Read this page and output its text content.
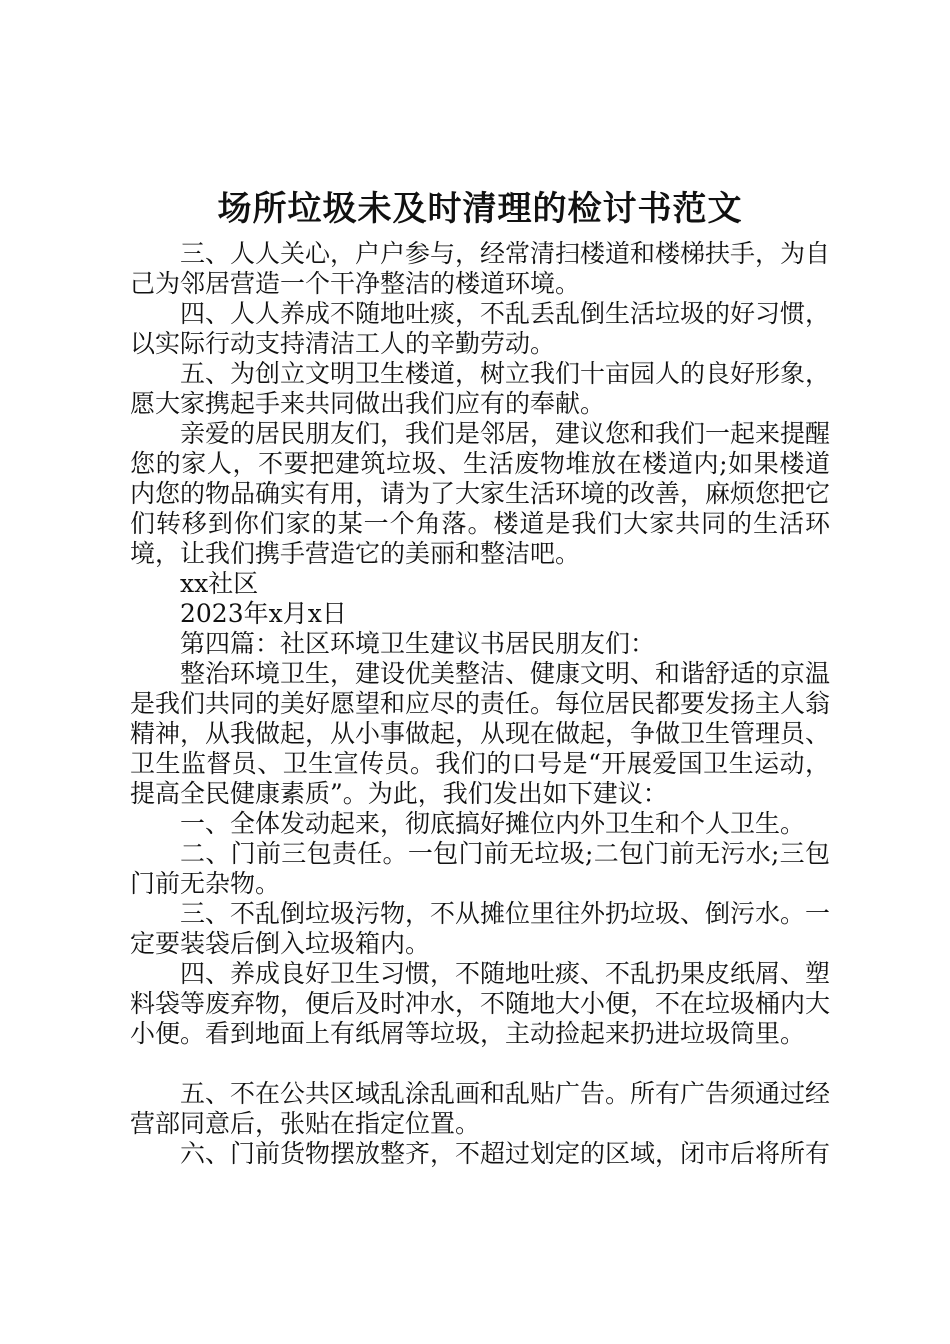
场所垃圾未及时清理的检讨书范文

三、人人关心，户户参与，经常清扫楼道和楼梯扶手，为自己为邻居营造一个干净整洁的楼道环境。

四、人人养成不随地吐痰，不乱丢乱倒生活垃圾的好习惯，以实际行动支持清洁工人的辛勤劳动。

五、为创立文明卫生楼道，树立我们十亩园人的良好形象，愿大家携起手来共同做出我们应有的奉献。

亲爱的居民朋友们，我们是邻居，建议您和我们一起来提醒您的家人，不要把建筑垃圾、生活废物堆放在楼道内;如果楼道内您的物品确实有用，请为了大家生活环境的改善，麻烦您把它们转移到你们家的某一个角落。楼道是我们大家共同的生活环境，让我们携手营造它的美丽和整洁吧。

xx社区

2023年x月x日

第四篇：社区环境卫生建议书居民朋友们：

整治环境卫生，建设优美整洁、健康文明、和谐舒适的京温是我们共同的美好愿望和应尽的责任。每位居民都要发扬主人翁精神，从我做起，从小事做起，从现在做起，争做卫生管理员、卫生监督员、卫生宣传员。我们的口号是“开展爱国卫生运动，提高全民健康素质”。为此，我们发出如下建议：

一、全体发动起来，彻底搞好摊位内外卫生和个人卫生。

二、门前三包责任。一包门前无垃圾;二包门前无污水;三包门前无杂物。

三、不乱倒垃圾污物，不从摊位里往外扔垃圾、倒污水。一定要装袋后倒入垃圾箱内。

四、养成良好卫生习惯，不随地吐痰、不乱扔果皮纸屑、塑料袋等废弃物，便后及时冲水，不随地大小便，不在垃圾桶内大小便。看到地面上有纸屑等垃圾，主动捡起来扔进垃圾筒里。

五、不在公共区域乱涂乱画和乱贴广告。所有广告须通过经营部同意后，张贴在指定位置。

六、门前货物摆放整齐，不超过划定的区域，闭市后将所有
